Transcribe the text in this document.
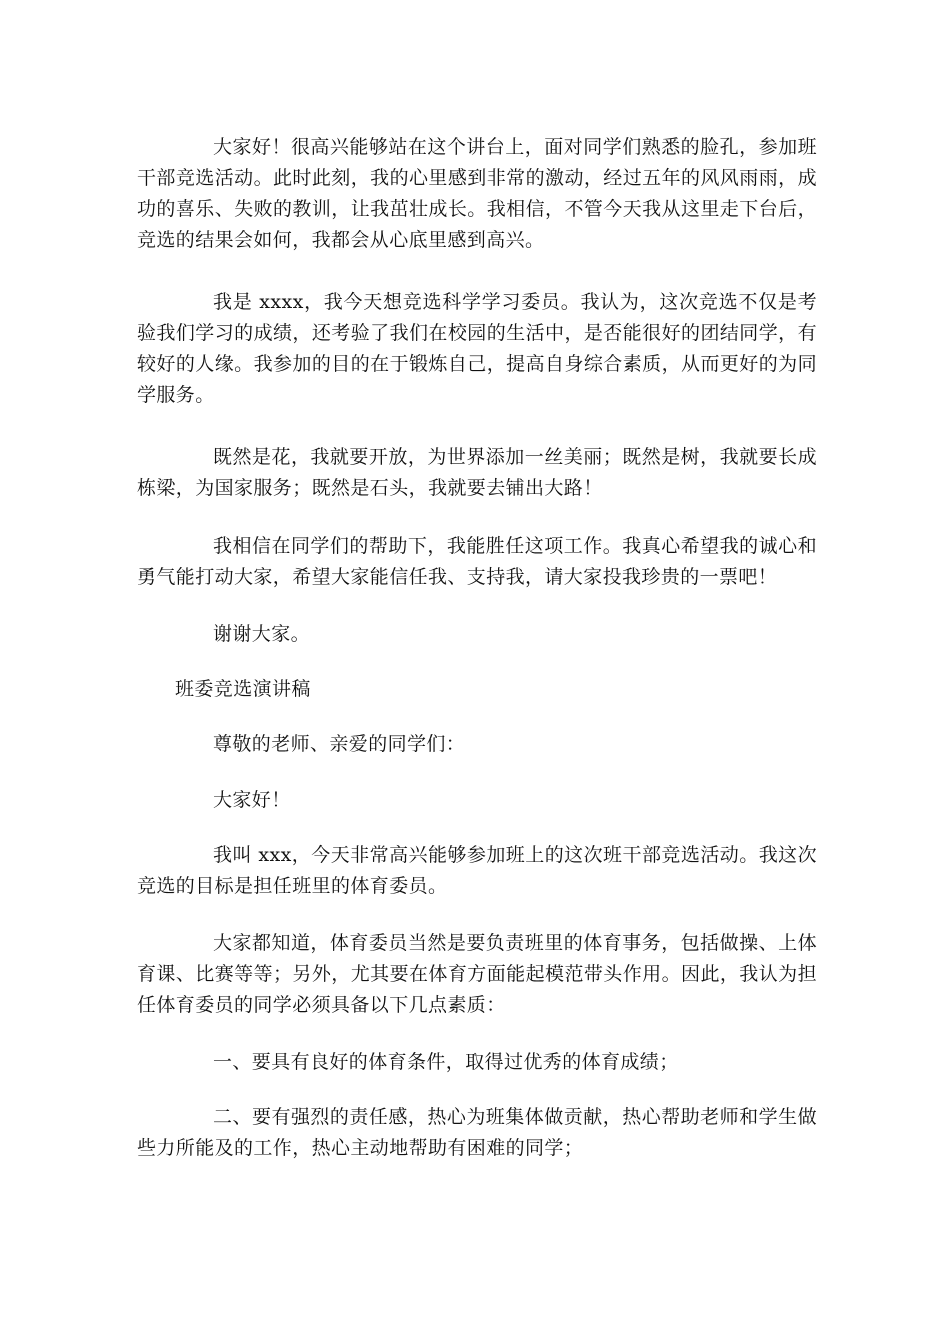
大家好！很高兴能够站在这个讲台上，面对同学们熟悉的脸孔，参加班干部竞选活动。此时此刻，我的心里感到非常的激动，经过五年的风风雨雨，成功的喜乐、失败的教训，让我茁壮成长。我相信，不管今天我从这里走下台后，竞选的结果会如何，我都会从心底里感到高兴。

我是 xxxx，我今天想竞选科学学习委员。我认为，这次竞选不仅是考验我们学习的成绩，还考验了我们在校园的生活中，是否能很好的团结同学，有较好的人缘。我参加的目的在于锻炼自己，提高自身综合素质，从而更好的为同学服务。

既然是花，我就要开放，为世界添加一丝美丽；既然是树，我就要长成栋梁，为国家服务；既然是石头，我就要去铺出大路！

我相信在同学们的帮助下，我能胜任这项工作。我真心希望我的诚心和勇气能打动大家，希望大家能信任我、支持我，请大家投我珍贵的一票吧！

谢谢大家。

班委竞选演讲稿

尊敬的老师、亲爱的同学们：

大家好！

我叫 xxx，今天非常高兴能够参加班上的这次班干部竞选活动。我这次竞选的目标是担任班里的体育委员。

大家都知道，体育委员当然是要负责班里的体育事务，包括做操、上体育课、比赛等等；另外，尤其要在体育方面能起模范带头作用。因此，我认为担任体育委员的同学必须具备以下几点素质：

一、要具有良好的体育条件，取得过优秀的体育成绩；

二、要有强烈的责任感，热心为班集体做贡献，热心帮助老师和学生做些力所能及的工作，热心主动地帮助有困难的同学；
